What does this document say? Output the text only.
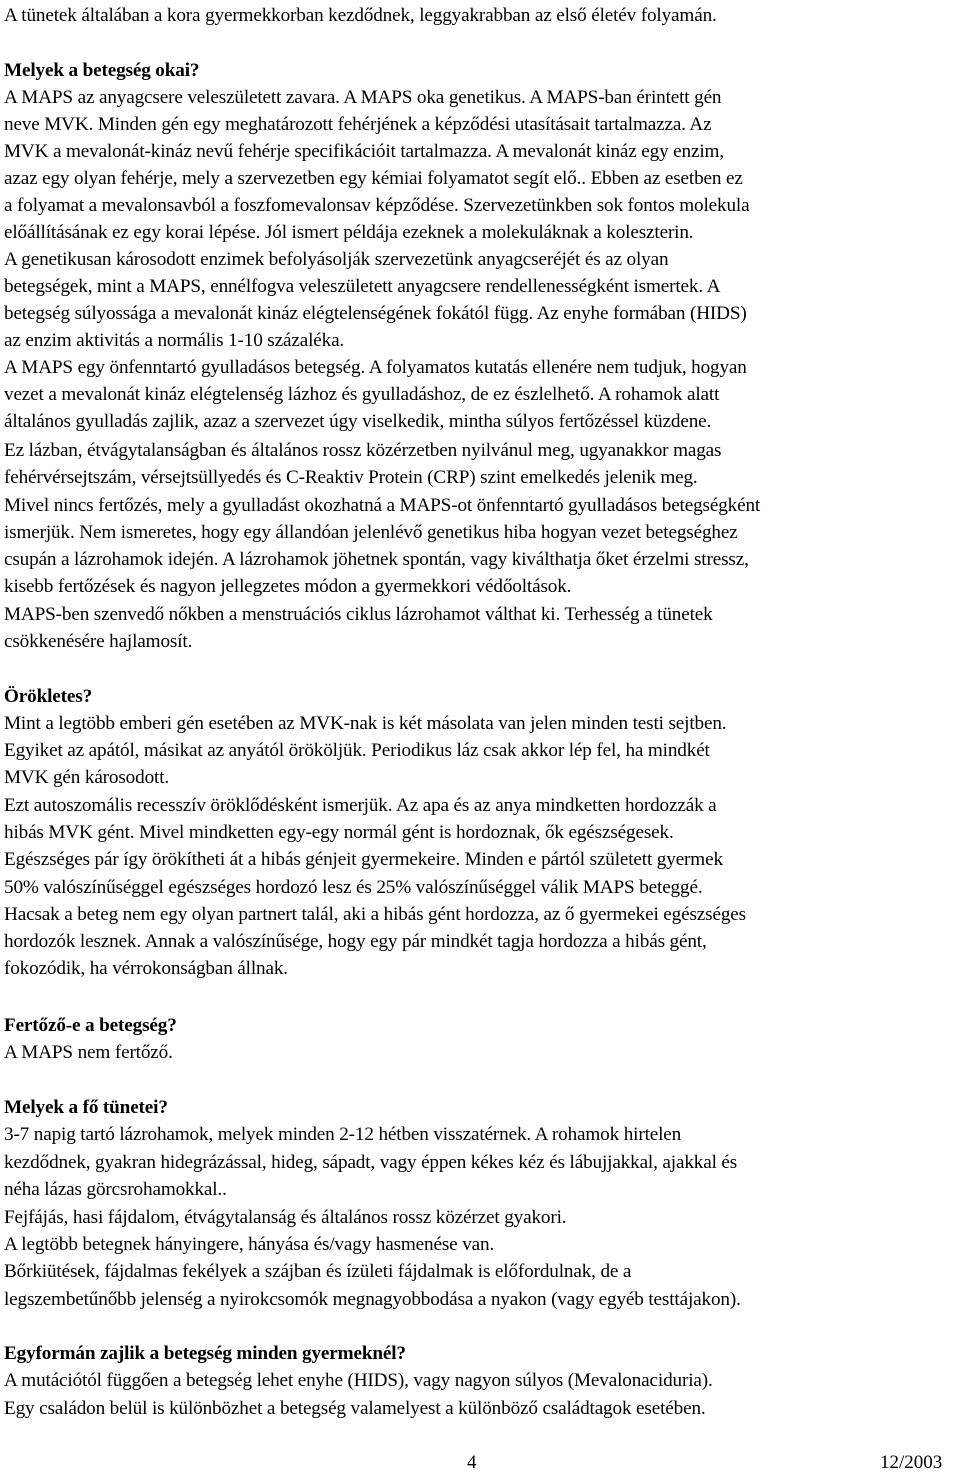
A tünetek általában a kora gyermekkorban kezdődnek, leggyakrabban az első életév folyamán.
Melyek a betegség okai?
A MAPS az anyagcsere veleszületett zavara. A MAPS oka genetikus. A MAPS-ban érintett gén
neve MVK. Minden gén egy meghatározott fehérjének a képződési utasításait tartalmazza. Az
MVK a mevalonát-kináz nevű fehérje specifikációit tartalmazza. A mevalonát kináz egy enzim,
azaz egy olyan fehérje, mely a szervezetben egy kémiai folyamatot segít elő.. Ebben az esetben ez
a folyamat a mevalonsavból a foszfomevalonsav képződése. Szervezetünkben sok fontos molekula
előállításának ez egy korai lépése. Jól ismert példája ezeknek a molekuláknak a koleszterin.
A genetikusan károsodott enzimek befolyásolják szervezetünk anyagcseréjét és az olyan
betegségek, mint a MAPS, ennélfogva veleszületett anyagcsere rendellenességként ismertek. A
betegség súlyossága a mevalonát kináz elégtelenségének fokától függ. Az enyhe formában (HIDS)
az enzim aktivitás a normális 1-10 százaléka.
A MAPS egy önfenntartó gyulladásos betegség. A folyamatos kutatás ellenére nem tudjuk, hogyan
vezet a mevalonát kináz elégtelenség lázhoz és gyulladáshoz, de ez észlelhető. A rohamok alatt
általános gyulladás zajlik, azaz a szervezet úgy viselkedik, mintha súlyos fertőzéssel küzdene.
Ez lázban, étvágytalanságban és általános rossz közérzetben nyilvánul meg, ugyanakkor magas
fehérvérsejtszám, vérsejtsüllyedés és C-Reaktiv Protein (CRP) szint emelkedés jelenik meg.
Mivel nincs fertőzés, mely a gyulladást okozhatná a MAPS-ot önfenntartó gyulladásos betegségként
ismerjük. Nem ismeretes, hogy egy állandóan jelenlévő genetikus hiba hogyan vezet betegséghez
csupán a lázrohamok idején. A lázrohamok jöhetnek spontán, vagy kiválthatja őket érzelmi stressz,
kisebb fertőzések és nagyon jellegzetes módon a gyermekkori védőoltások.
MAPS-ben szenvedő nőkben a menstruációs ciklus lázrohamot válthat ki. Terhesség a tünetek
csökkenésére hajlamosít.
Örökletes?
Mint a legtöbb emberi gén esetében az MVK-nak is két másolata van jelen minden testi sejtben.
Egyiket az apától, másikat az anyától örököljük. Periodikus láz csak akkor lép fel, ha mindkét
MVK gén károsodott.
Ezt autoszomális recesszív öröklődésként ismerjük. Az apa és az anya mindketten hordozzák a
hibás MVK gént. Mivel mindketten egy-egy normál gént is hordoznak, ők egészségesek.
Egészséges pár így örökítheti át a hibás génjeit gyermekeire. Minden e pártól született gyermek
50% valószínűséggel egészséges hordozó lesz és 25% valószínűséggel válik MAPS beteggé.
Hacsak a beteg nem egy olyan partnert talál, aki a hibás gént hordozza, az ő gyermekei egészséges
hordozók lesznek. Annak a valószínűsége, hogy egy pár mindkét tagja hordozza a hibás gént,
fokozódik, ha vérrokonságban állnak.
Fertőző-e a betegség?
A MAPS nem fertőző.
Melyek a fő tünetei?
3-7 napig tartó lázrohamok, melyek minden 2-12 hétben visszatérnek. A rohamok hirtelen
kezdődnek, gyakran hidegrázással, hideg, sápadt, vagy éppen kékes kéz és lábujjakkal, ajakkal és
néha lázas görcsrohamokkal..
Fejfájás, hasi fájdalom, étvágytalanság és általános rossz közérzet gyakori.
A legtöbb betegnek hányingere, hányása és/vagy hasmenése van.
Bőrkiütések, fájdalmas fekélyek a szájban és ízületi fájdalmak is előfordulnak, de a
legszembetűnőbb jelenség a nyirokcsomók megnagyobbodása a nyakon (vagy egyéb testtájakon).
Egyformán zajlik a betegség minden gyermeknél?
A mutációtól függően a betegség lehet enyhe (HIDS), vagy nagyon súlyos (Mevalonaciduria).
Egy családon belül is különbözhet a betegség valamelyest a különböző családtagok esetében.
4	12/2003
